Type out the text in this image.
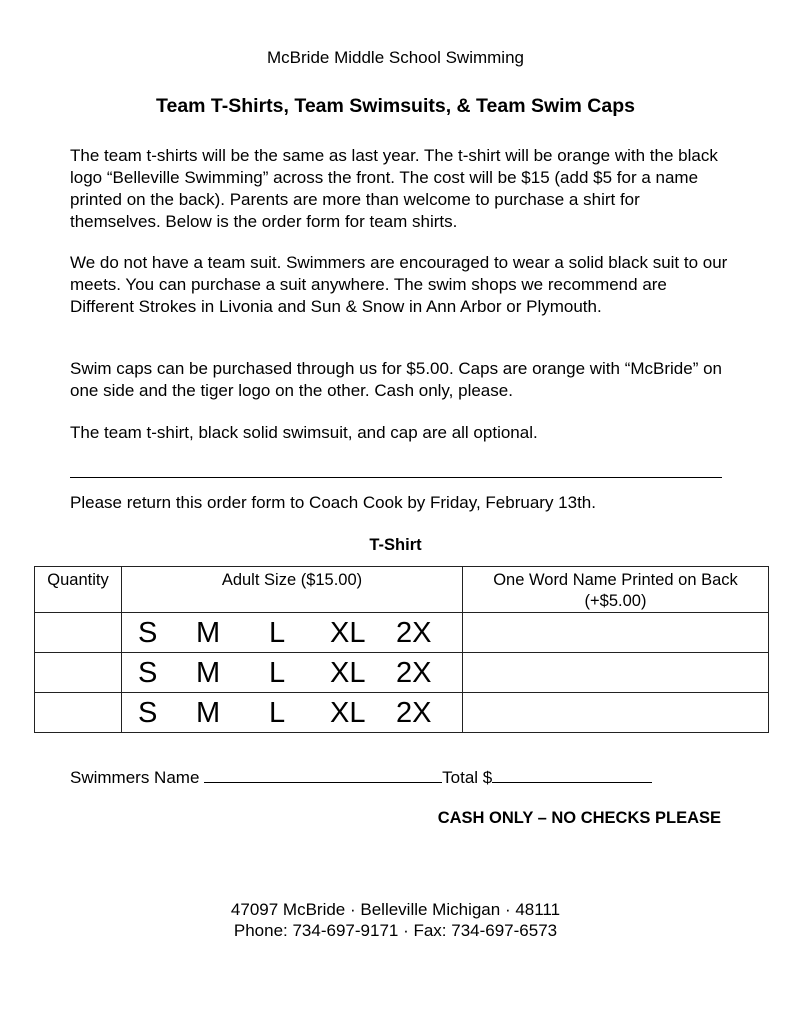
McBride Middle School Swimming
Team T-Shirts, Team Swimsuits, & Team Swim Caps
The team t-shirts will be the same as last year. The t-shirt will be orange with the black logo “Belleville Swimming” across the front. The cost will be $15 (add $5 for a name printed on the back). Parents are more than welcome to purchase a shirt for themselves. Below is the order form for team shirts.
We do not have a team suit. Swimmers are encouraged to wear a solid black suit to our meets. You can purchase a suit anywhere. The swim shops we recommend are Different Strokes in Livonia and Sun & Snow in Ann Arbor or Plymouth.
Swim caps can be purchased through us for $5.00. Caps are orange with “McBride” on one side and the tiger logo on the other. Cash only, please.
The team t-shirt, black solid swimsuit, and cap are all optional.
Please return this order form to Coach Cook by Friday, February 13th.
T-Shirt
Quantity	Adult Size ($15.00)	One Word Name Printed on Back (+$5.00)

	S M L XL 2X	

	S M L XL 2X	

	S M L XL 2X	

Swimmers Name	Total $
CASH ONLY – NO CHECKS PLEASE
47097 McBride · Belleville Michigan · 48111
Phone: 734-697-9171 · Fax: 734-697-6573
